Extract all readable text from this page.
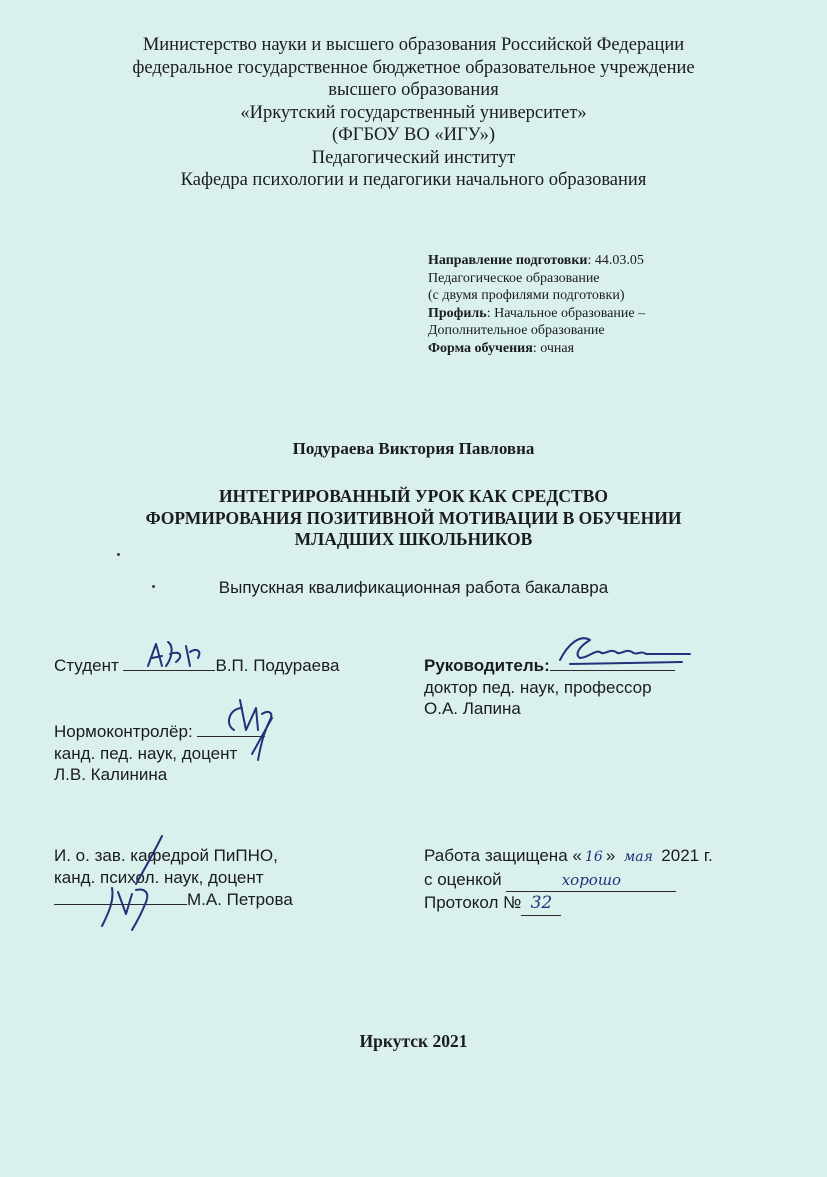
Министерство науки и высшего образования Российской Федерации
федеральное государственное бюджетное образовательное учреждение
высшего образования
«Иркутский государственный университет»
(ФГБОУ ВО «ИГУ»)
Педагогический институт
Кафедра психологии и педагогики начального образования
Направление подготовки: 44.03.05
Педагогическое образование
(с двумя профилями подготовки)
Профиль: Начальное образование –
Дополнительное образование
Форма обучения: очная
Подураева Виктория Павловна
ИНТЕГРИРОВАННЫЙ УРОК КАК СРЕДСТВО
ФОРМИРОВАНИЯ ПОЗИТИВНОЙ МОТИВАЦИИ В ОБУЧЕНИИ
МЛАДШИХ ШКОЛЬНИКОВ
Выпускная квалификационная работа бакалавра
Студент	В.П. Подураева	Руководитель:
доктор пед. наук, профессор
О.А. Лапина
Нормоконтролёр:
канд. пед. наук, доцент
Л.В. Калинина
И. о. зав. кафедрой ПиПНО,
канд. психол. наук, доцент
М.А. Петрова
Работа защищена « 16 » мая 2021 г.
с оценкой	хорошо
Протокол № 32
Иркутск 2021
